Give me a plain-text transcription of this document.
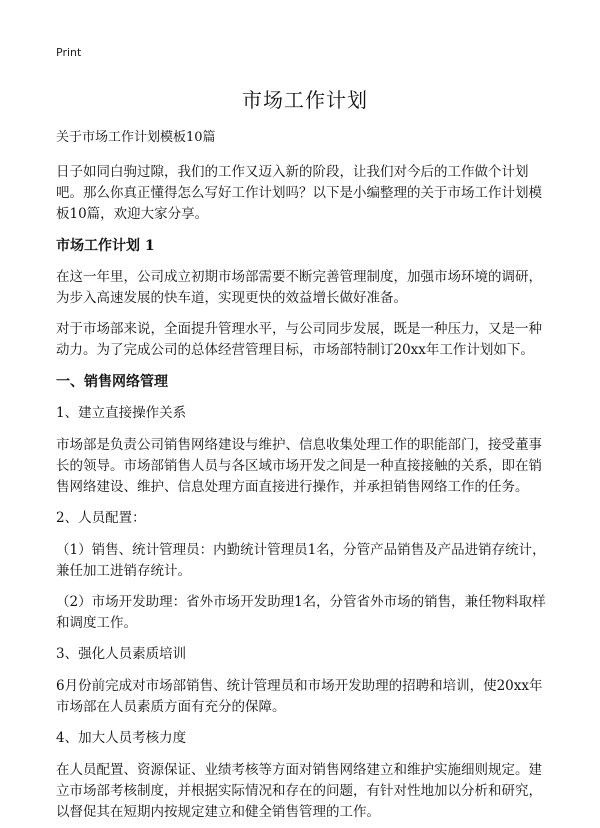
Print

市场工作计划

关于市场工作计划模板10篇

日子如同白驹过隙，我们的工作又迈入新的阶段，让我们对今后的工作做个计划吧。那么你真正懂得怎么写好工作计划吗？以下是小编整理的关于市场工作计划模板10篇，欢迎大家分享。

市场工作计划 1

在这一年里，公司成立初期市场部需要不断完善管理制度，加强市场环境的调研，为步入高速发展的快车道，实现更快的效益增长做好准备。

对于市场部来说，全面提升管理水平，与公司同步发展，既是一种压力，又是一种动力。为了完成公司的总体经营管理目标，市场部特制订20xx年工作计划如下。

一、销售网络管理

1、建立直接操作关系

市场部是负责公司销售网络建设与维护、信息收集处理工作的职能部门，接受董事长的领导。市场部销售人员与各区域市场开发之间是一种直接接触的关系，即在销售网络建设、维护、信息处理方面直接进行操作，并承担销售网络工作的任务。

2、人员配置：

（1）销售、统计管理员：内勤统计管理员1名，分管产品销售及产品进销存统计，兼任加工进销存统计。

（2）市场开发助理：省外市场开发助理1名，分管省外市场的销售，兼任物料取样和调度工作。

3、强化人员素质培训

6月份前完成对市场部销售、统计管理员和市场开发助理的招聘和培训，使20xx年市场部在人员素质方面有充分的保障。

4、加大人员考核力度

在人员配置、资源保证、业绩考核等方面对销售网络建立和维护实施细则规定。建立市场部考核制度，并根据实际情况和存在的问题，有针对性地加以分析和研究，以督促其在短期内按规定建立和健全销售管理的工作。
